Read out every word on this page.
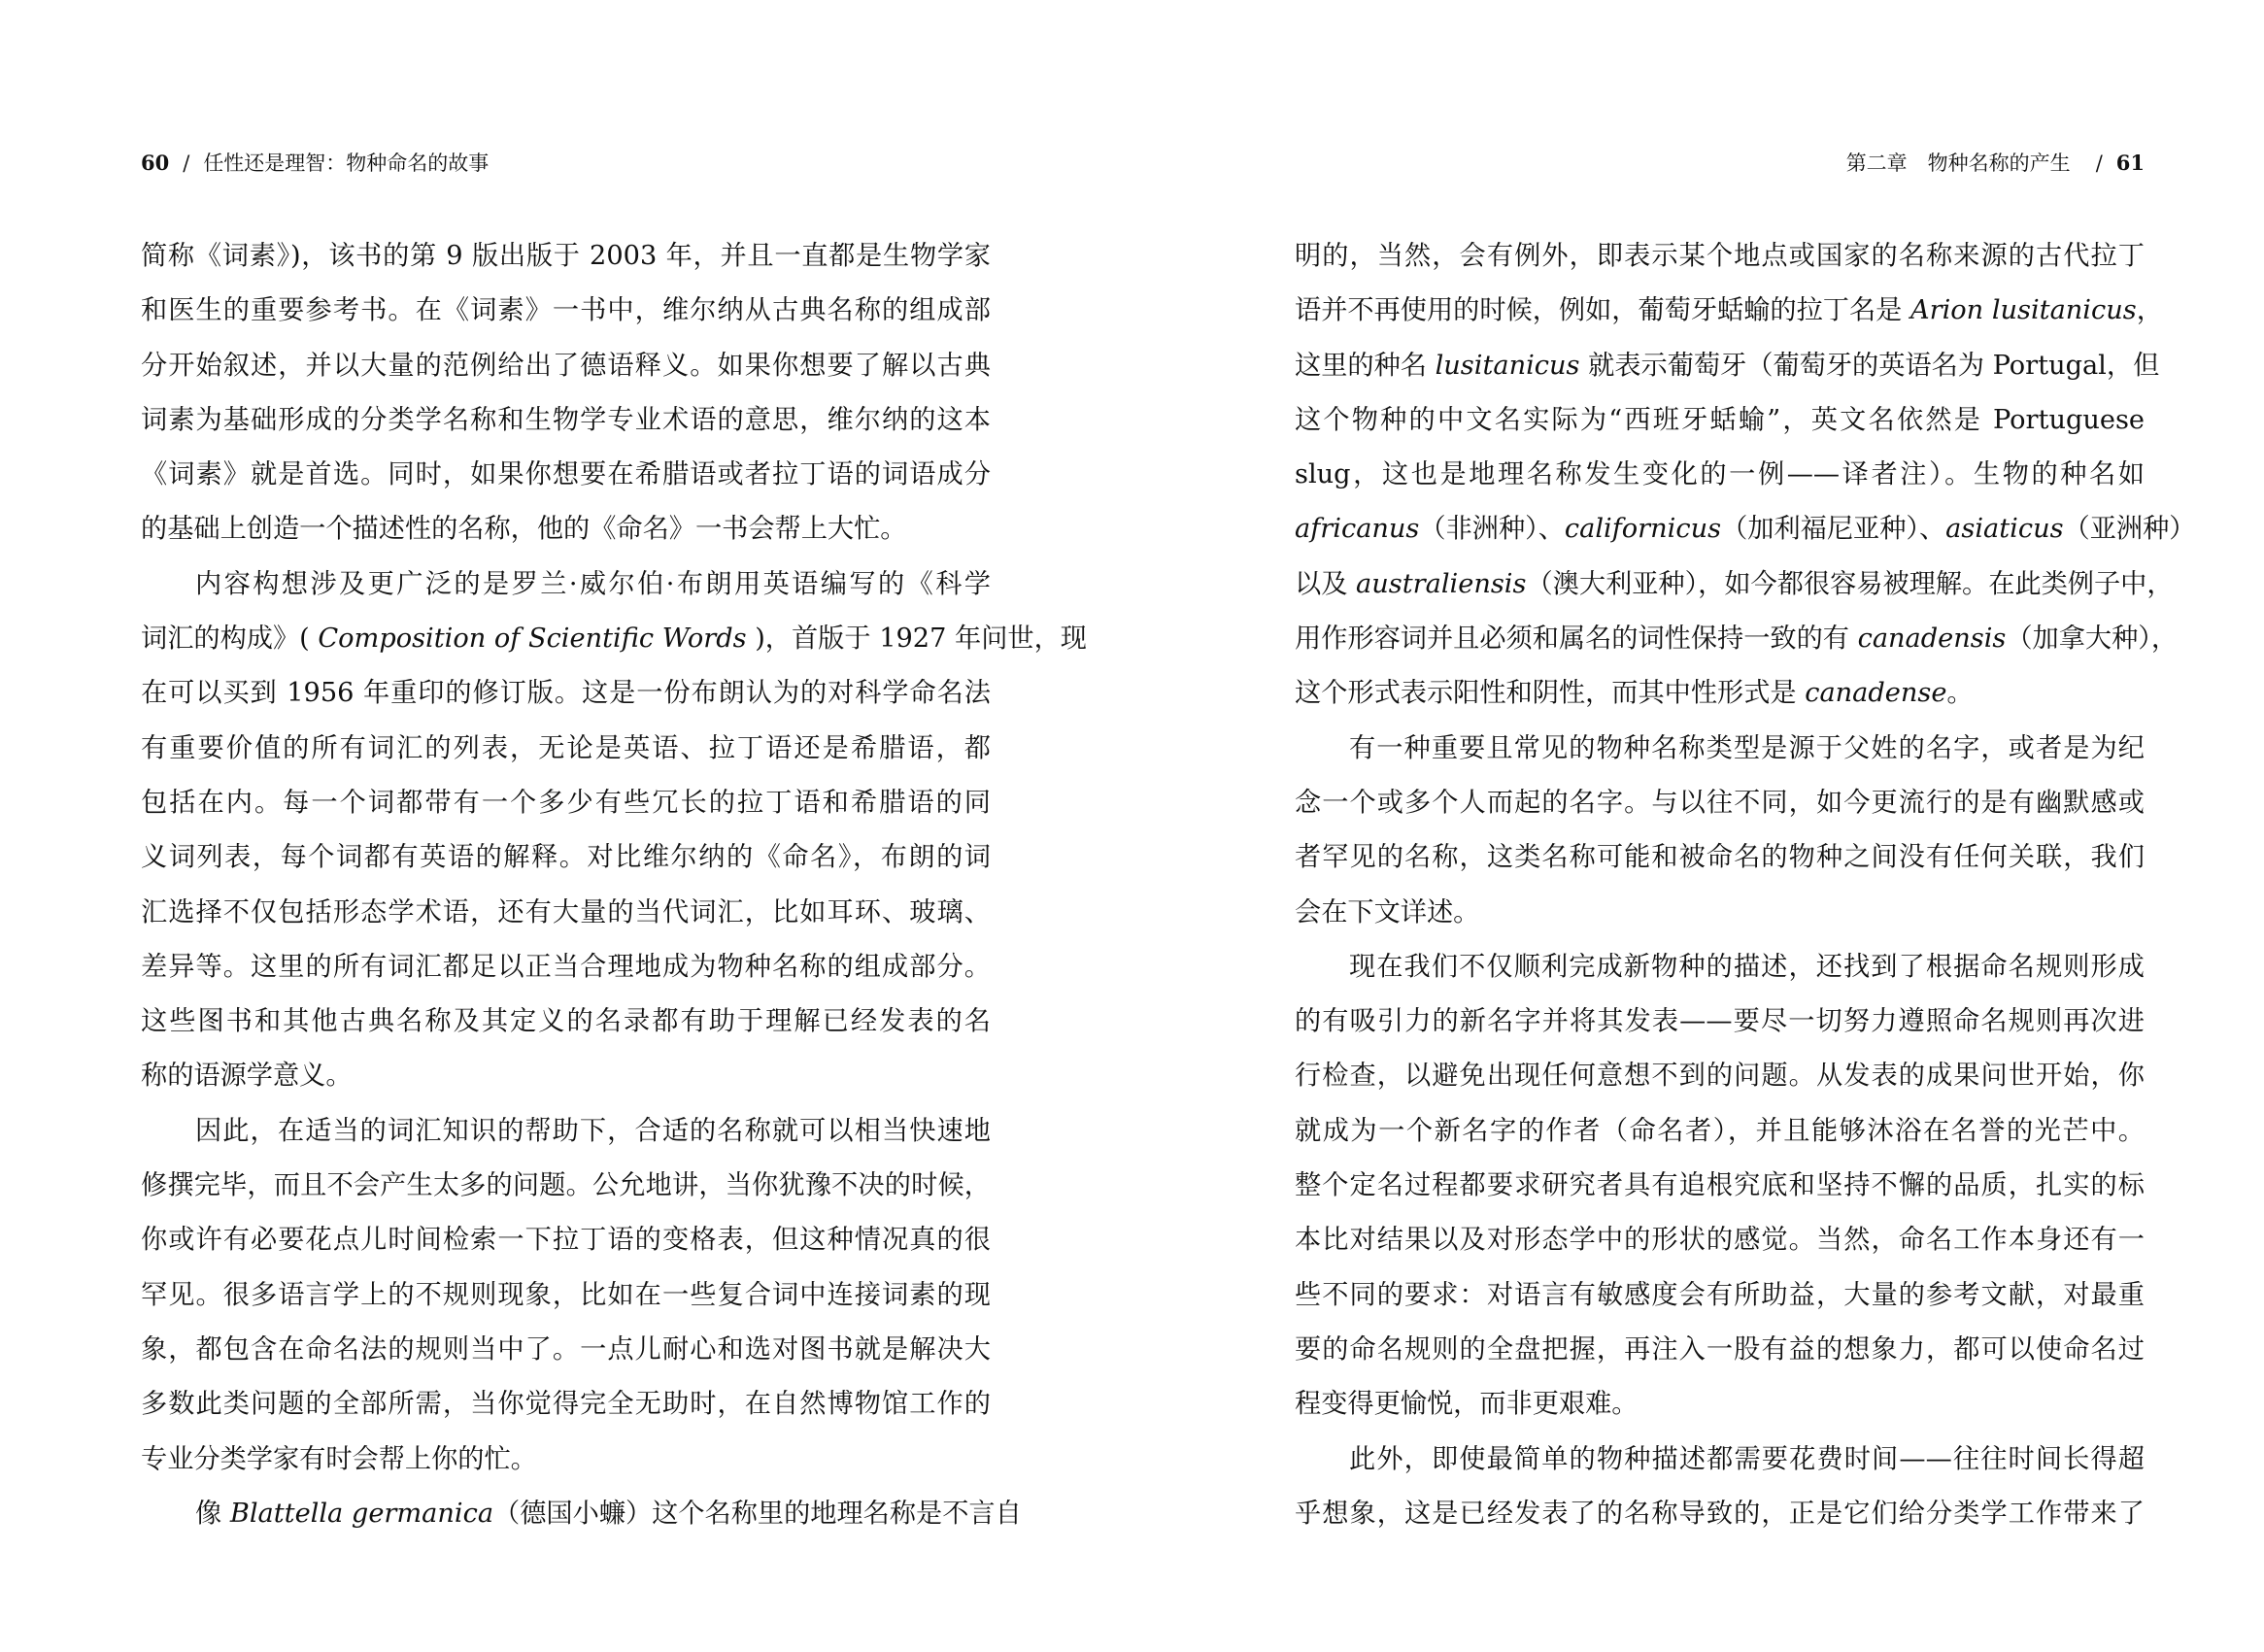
60 / 任性还是理智：物种命名的故事
简称《词素》)，该书的第 9 版出版于 2003 年，并且一直都是生物学家
和医生的重要参考书。在《词素》一书中，维尔纳从古典名称的组成部
分开始叙述，并以大量的范例给出了德语释义。如果你想要了解以古典
词素为基础形成的分类学名称和生物学专业术语的意思，维尔纳的这本
《词素》就是首选。同时，如果你想要在希腊语或者拉丁语的词语成分
的基础上创造一个描述性的名称，他的《命名》一书会帮上大忙。
内容构想涉及更广泛的是罗兰·威尔伯·布朗用英语编写的《科学
词汇的构成》( Composition of Scientific Words )，首版于 1927 年问世，现
在可以买到 1956 年重印的修订版。这是一份布朗认为的对科学命名法
有重要价值的所有词汇的列表，无论是英语、拉丁语还是希腊语，都
包括在内。每一个词都带有一个多少有些冗长的拉丁语和希腊语的同
义词列表，每个词都有英语的解释。对比维尔纳的《命名》，布朗的词
汇选择不仅包括形态学术语，还有大量的当代词汇，比如耳环、玻璃、
差异等。这里的所有词汇都足以正当合理地成为物种名称的组成部分。
这些图书和其他古典名称及其定义的名录都有助于理解已经发表的名
称的语源学意义。
因此，在适当的词汇知识的帮助下，合适的名称就可以相当快速地
修撰完毕，而且不会产生太多的问题。公允地讲，当你犹豫不决的时候，
你或许有必要花点儿时间检索一下拉丁语的变格表，但这种情况真的很
罕见。很多语言学上的不规则现象，比如在一些复合词中连接词素的现
象，都包含在命名法的规则当中了。一点儿耐心和选对图书就是解决大
多数此类问题的全部所需，当你觉得完全无助时，在自然博物馆工作的
专业分类学家有时会帮上你的忙。
像 Blattella germanica（德国小蠊）这个名称里的地理名称是不言自
第二章　物种名称的产生 / 61
明的，当然，会有例外，即表示某个地点或国家的名称来源的古代拉丁
语并不再使用的时候，例如，葡萄牙蛞蝓的拉丁名是 Arion lusitanicus，
这里的种名 lusitanicus 就表示葡萄牙（葡萄牙的英语名为 Portugal，但
这个物种的中文名实际为“西班牙蛞蝓”，英文名依然是 Portuguese
slug，这也是地理名称发生变化的一例——译者注）。生物的种名如
africanus（非洲种）、californicus（加利福尼亚种）、asiaticus（亚洲种）
以及 australiensis（澳大利亚种），如今都很容易被理解。在此类例子中，
用作形容词并且必须和属名的词性保持一致的有 canadensis（加拿大种），
这个形式表示阳性和阴性，而其中性形式是 canadense。
有一种重要且常见的物种名称类型是源于父姓的名字，或者是为纪
念一个或多个人而起的名字。与以往不同，如今更流行的是有幽默感或
者罕见的名称，这类名称可能和被命名的物种之间没有任何关联，我们
会在下文详述。
现在我们不仅顺利完成新物种的描述，还找到了根据命名规则形成
的有吸引力的新名字并将其发表——要尽一切努力遵照命名规则再次进
行检查，以避免出现任何意想不到的问题。从发表的成果问世开始，你
就成为一个新名字的作者（命名者），并且能够沐浴在名誉的光芒中。
整个定名过程都要求研究者具有追根究底和坚持不懈的品质，扎实的标
本比对结果以及对形态学中的形状的感觉。当然，命名工作本身还有一
些不同的要求：对语言有敏感度会有所助益，大量的参考文献，对最重
要的命名规则的全盘把握，再注入一股有益的想象力，都可以使命名过
程变得更愉悦，而非更艰难。
此外，即使最简单的物种描述都需要花费时间——往往时间长得超
乎想象，这是已经发表了的名称导致的，正是它们给分类学工作带来了
